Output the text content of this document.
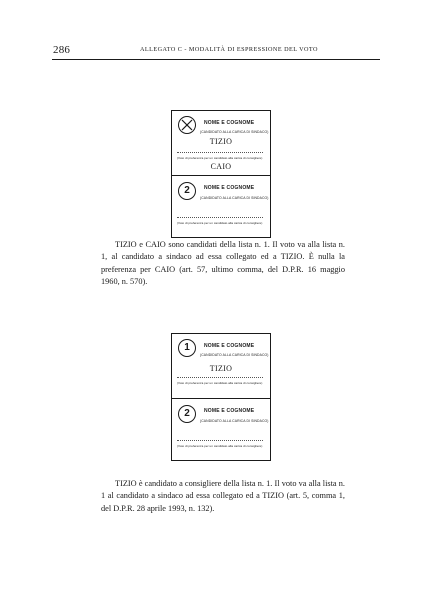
286	ALLEGATO C - MODALITÀ DI ESPRESSIONE DEL VOTO
NOME E COGNOME
(CANDIDATO ALLA CARICA DI SINDACO)
TIZIO
(Voto di preferenza per un candidato alla carica di consigliere)
CAIO
2	NOME E COGNOME
(CANDIDATO ALLA CARICA DI SINDACO)
(Voto di preferenza per un candidato alla carica di consigliere)
TIZIO e CAIO sono candidati della lista n. 1. Il voto va alla lista n. 1, al candidato a sindaco ad essa collegato ed a TIZIO. È nulla la preferenza per CAIO (art. 57, ultimo comma, del D.P.R. 16 maggio 1960, n. 570).
1	NOME E COGNOME
(CANDIDATO ALLA CARICA DI SINDACO)
TIZIO
(Voto di preferenza per un candidato alla carica di consigliere)
2	NOME E COGNOME
(CANDIDATO ALLA CARICA DI SINDACO)
(Voto di preferenza per un candidato alla carica di consigliere)
TIZIO è candidato a consigliere della lista n. 1. Il voto va alla lista n. 1 al candidato a sindaco ad essa collegato ed a TIZIO (art. 5, comma 1, del D.P.R. 28 aprile 1993, n. 132).
